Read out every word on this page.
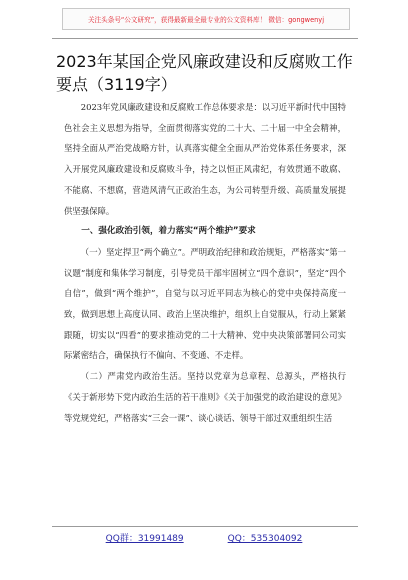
关注头条号“公文研究”，获得最新最全最专业的公文资料库！ 微信：gongwenyj
2023年某国企党风廉政建设和反腐败工作要点（3119字）

2023年党风廉政建设和反腐败工作总体要求是：以习近平新时代中国特色社会主义思想为指导，全面贯彻落实党的二十大、二十届一中全会精神，坚持全面从严治党战略方针，认真落实健全全面从严治党体系任务要求，深入开展党风廉政建设和反腐败斗争，持之以恒正风肃纪，有效贯通不敢腐、不能腐、不想腐，营造风清气正政治生态，为公司转型升级、高质量发展提供坚强保障。

一、强化政治引领，着力落实“两个维护”要求

（一）坚定捍卫“两个确立”。严明政治纪律和政治规矩，严格落实“第一议题”制度和集体学习制度，引导党员干部牢固树立“四个意识”，坚定“四个自信”，做到“两个维护”，自觉与以习近平同志为核心的党中央保持高度一致，做到思想上高度认同、政治上坚决维护，组织上自觉服从，行动上紧紧跟随，切实以“四看”的要求推动党的二十大精神、党中央决策部署同公司实际紧密结合，确保执行不偏向、不变通、不走样。

（二）严肃党内政治生活。坚持以党章为总章程、总源头，严格执行《关于新形势下党内政治生活的若干准则》《关于加强党的政治建设的意见》等党规党纪，严格落实“三会一课”、谈心谈话、领导干部过双重组织生活

QQ群：31991489	QQ：535304092
